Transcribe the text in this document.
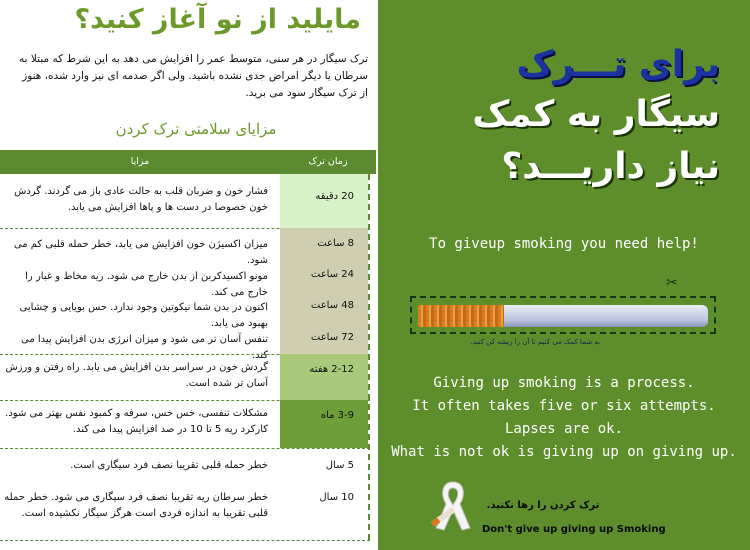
مایلید از نو آغاز کنید؟
ترک سیگار در هر سنی، متوسط عمر را افزایش می دهد به این شرط که مبتلا به سرطان یا دیگر امراض جدی نشده باشید. ولی اگر صدمه ای نیز وارد شده، هنوز از ترک سیگار سود می برید.
مزایای سلامتی ترک کردن
زمان ترک
مزایا
20 دقیقه
فشار خون و ضربان قلب به حالت عادی باز می گردند. گردش خون خصوصا در دست ها و پاها افزایش می یابد.
8 ساعت
میزان اکسیژن خون افزایش می یابد، خطر حمله قلبی کم می شود.
24 ساعت
مونو اکسیدکربن از بدن خارج می شود. ریه مخاط و غبار را خارج می کند.
48 ساعت
اکنون در بدن شما نیکوتین وجود ندارد. حس بویایی و چشایی بهبود می یابد.
72 ساعت
تنفس آسان تر می شود و میزان انرژی بدن افزایش پیدا می کند.
2-12 هفته
گردش خون در سراسر بدن افزایش می یابد. راه رفتن و ورزش آسان تر شده است.
3-9 ماه
مشکلات تنفسی، خس خس، سرفه و کمبود نفس بهتر می شود. کارکرد ریه 5 تا 10 در صد افزایش پیدا می کند.
5 سال
خطر حمله قلبی تقریبا نصف فرد سیگاری است.
10 سال
خطر سرطان ریه تقریبا نصف فرد سیگاری می شود. خطر حمله قلبی تقریبا به اندازه فردی است هرگز سیگار نکشیده است.
برای تـــرک
سیگار به کمک
نیاز داریـــد؟
To giveup smoking you need help!
✂
به شما کمک می کنیم تا آن را ریشه کن کنید.
Giving up smoking is a process.
It often takes five or six attempts.
Lapses are ok.
What is not ok is giving up on giving up.
ترک کردن را رها نکنید.
Don't give up giving up Smoking
